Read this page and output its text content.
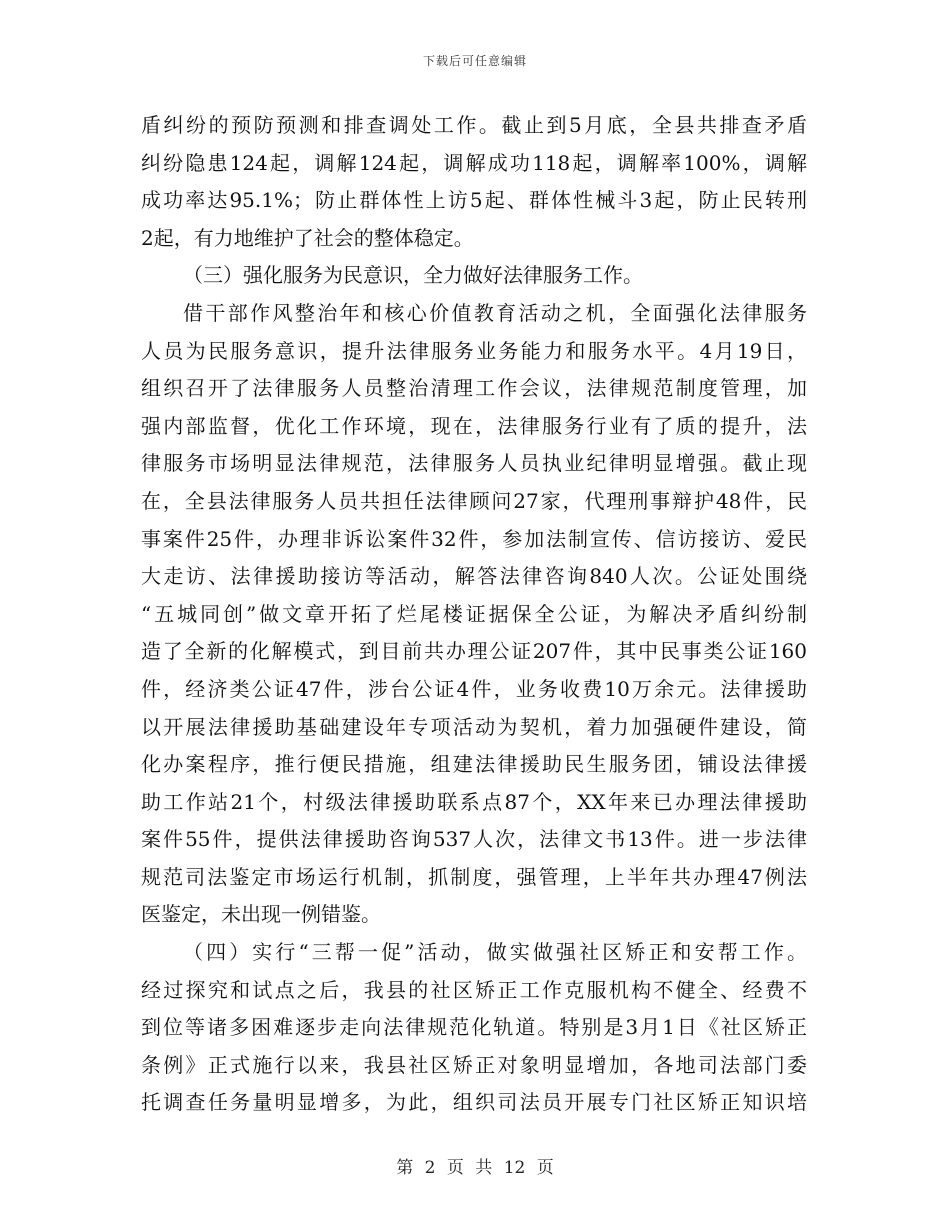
下载后可任意编辑
盾纠纷的预防预测和排查调处工作。截止到5月底，全县共排查矛盾
纠纷隐患124起，调解124起，调解成功118起，调解率100%，调解
成功率达95.1%；防止群体性上访5起、群体性械斗3起，防止民转刑
2起，有力地维护了社会的整体稳定。
（三）强化服务为民意识，全力做好法律服务工作。
借干部作风整治年和核心价值教育活动之机，全面强化法律服务
人员为民服务意识，提升法律服务业务能力和服务水平。4月19日，
组织召开了法律服务人员整治清理工作会议，法律规范制度管理，加
强内部监督，优化工作环境，现在，法律服务行业有了质的提升，法
律服务市场明显法律规范，法律服务人员执业纪律明显增强。截止现
在，全县法律服务人员共担任法律顾问27家，代理刑事辩护48件，民
事案件25件，办理非诉讼案件32件，参加法制宣传、信访接访、爱民
大走访、法律援助接访等活动，解答法律咨询840人次。公证处围绕
“五城同创”做文章开拓了烂尾楼证据保全公证，为解决矛盾纠纷制
造了全新的化解模式，到目前共办理公证207件，其中民事类公证160
件，经济类公证47件，涉台公证4件，业务收费10万余元。法律援助
以开展法律援助基础建设年专项活动为契机，着力加强硬件建设，简
化办案程序，推行便民措施，组建法律援助民生服务团，铺设法律援
助工作站21个，村级法律援助联系点87个，XX年来已办理法律援助
案件55件，提供法律援助咨询537人次，法律文书13件。进一步法律
规范司法鉴定市场运行机制，抓制度，强管理，上半年共办理47例法
医鉴定，未出现一例错鉴。
（四）实行“三帮一促”活动，做实做强社区矫正和安帮工作。
经过探究和试点之后，我县的社区矫正工作克服机构不健全、经费不
到位等诸多困难逐步走向法律规范化轨道。特别是3月1日《社区矫正
条例》正式施行以来，我县社区矫正对象明显增加，各地司法部门委
托调查任务量明显增多，为此，组织司法员开展专门社区矫正知识培
第 2 页 共 12 页
